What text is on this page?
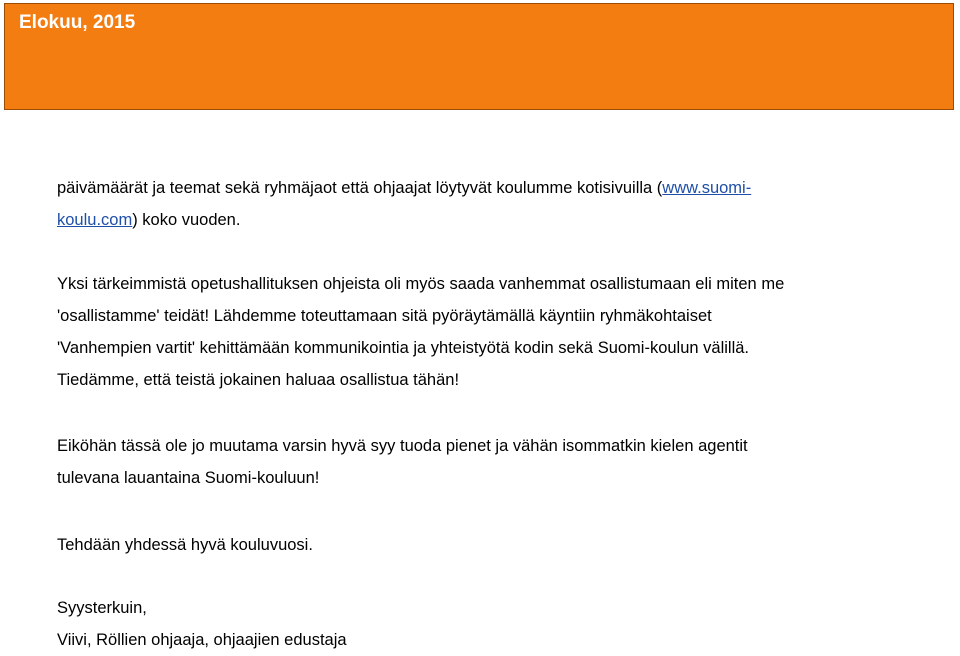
Elokuu, 2015
päivämäärät ja teemat sekä ryhmäjaot että ohjaajat löytyvät koulumme kotisivuilla (www.suomi-
koulu.com) koko vuoden.
Yksi tärkeimmistä opetushallituksen ohjeista oli myös saada vanhemmat osallistumaan eli miten me
'osallistamme' teidät! Lähdemme toteuttamaan sitä pyöräytämällä käyntiin ryhmäkohtaiset
'Vanhempien vartit' kehittämään kommunikointia ja yhteistyötä kodin sekä Suomi-koulun välillä.
Tiedämme, että teistä jokainen haluaa osallistua tähän!
Eiköhän tässä ole jo muutama varsin hyvä syy tuoda pienet ja vähän isommatkin kielen agentit
tulevana lauantaina Suomi-kouluun!
Tehdään yhdessä hyvä kouluvuosi.
Syysterkuin,
Viivi, Röllien ohjaaja, ohjaajien edustaja
